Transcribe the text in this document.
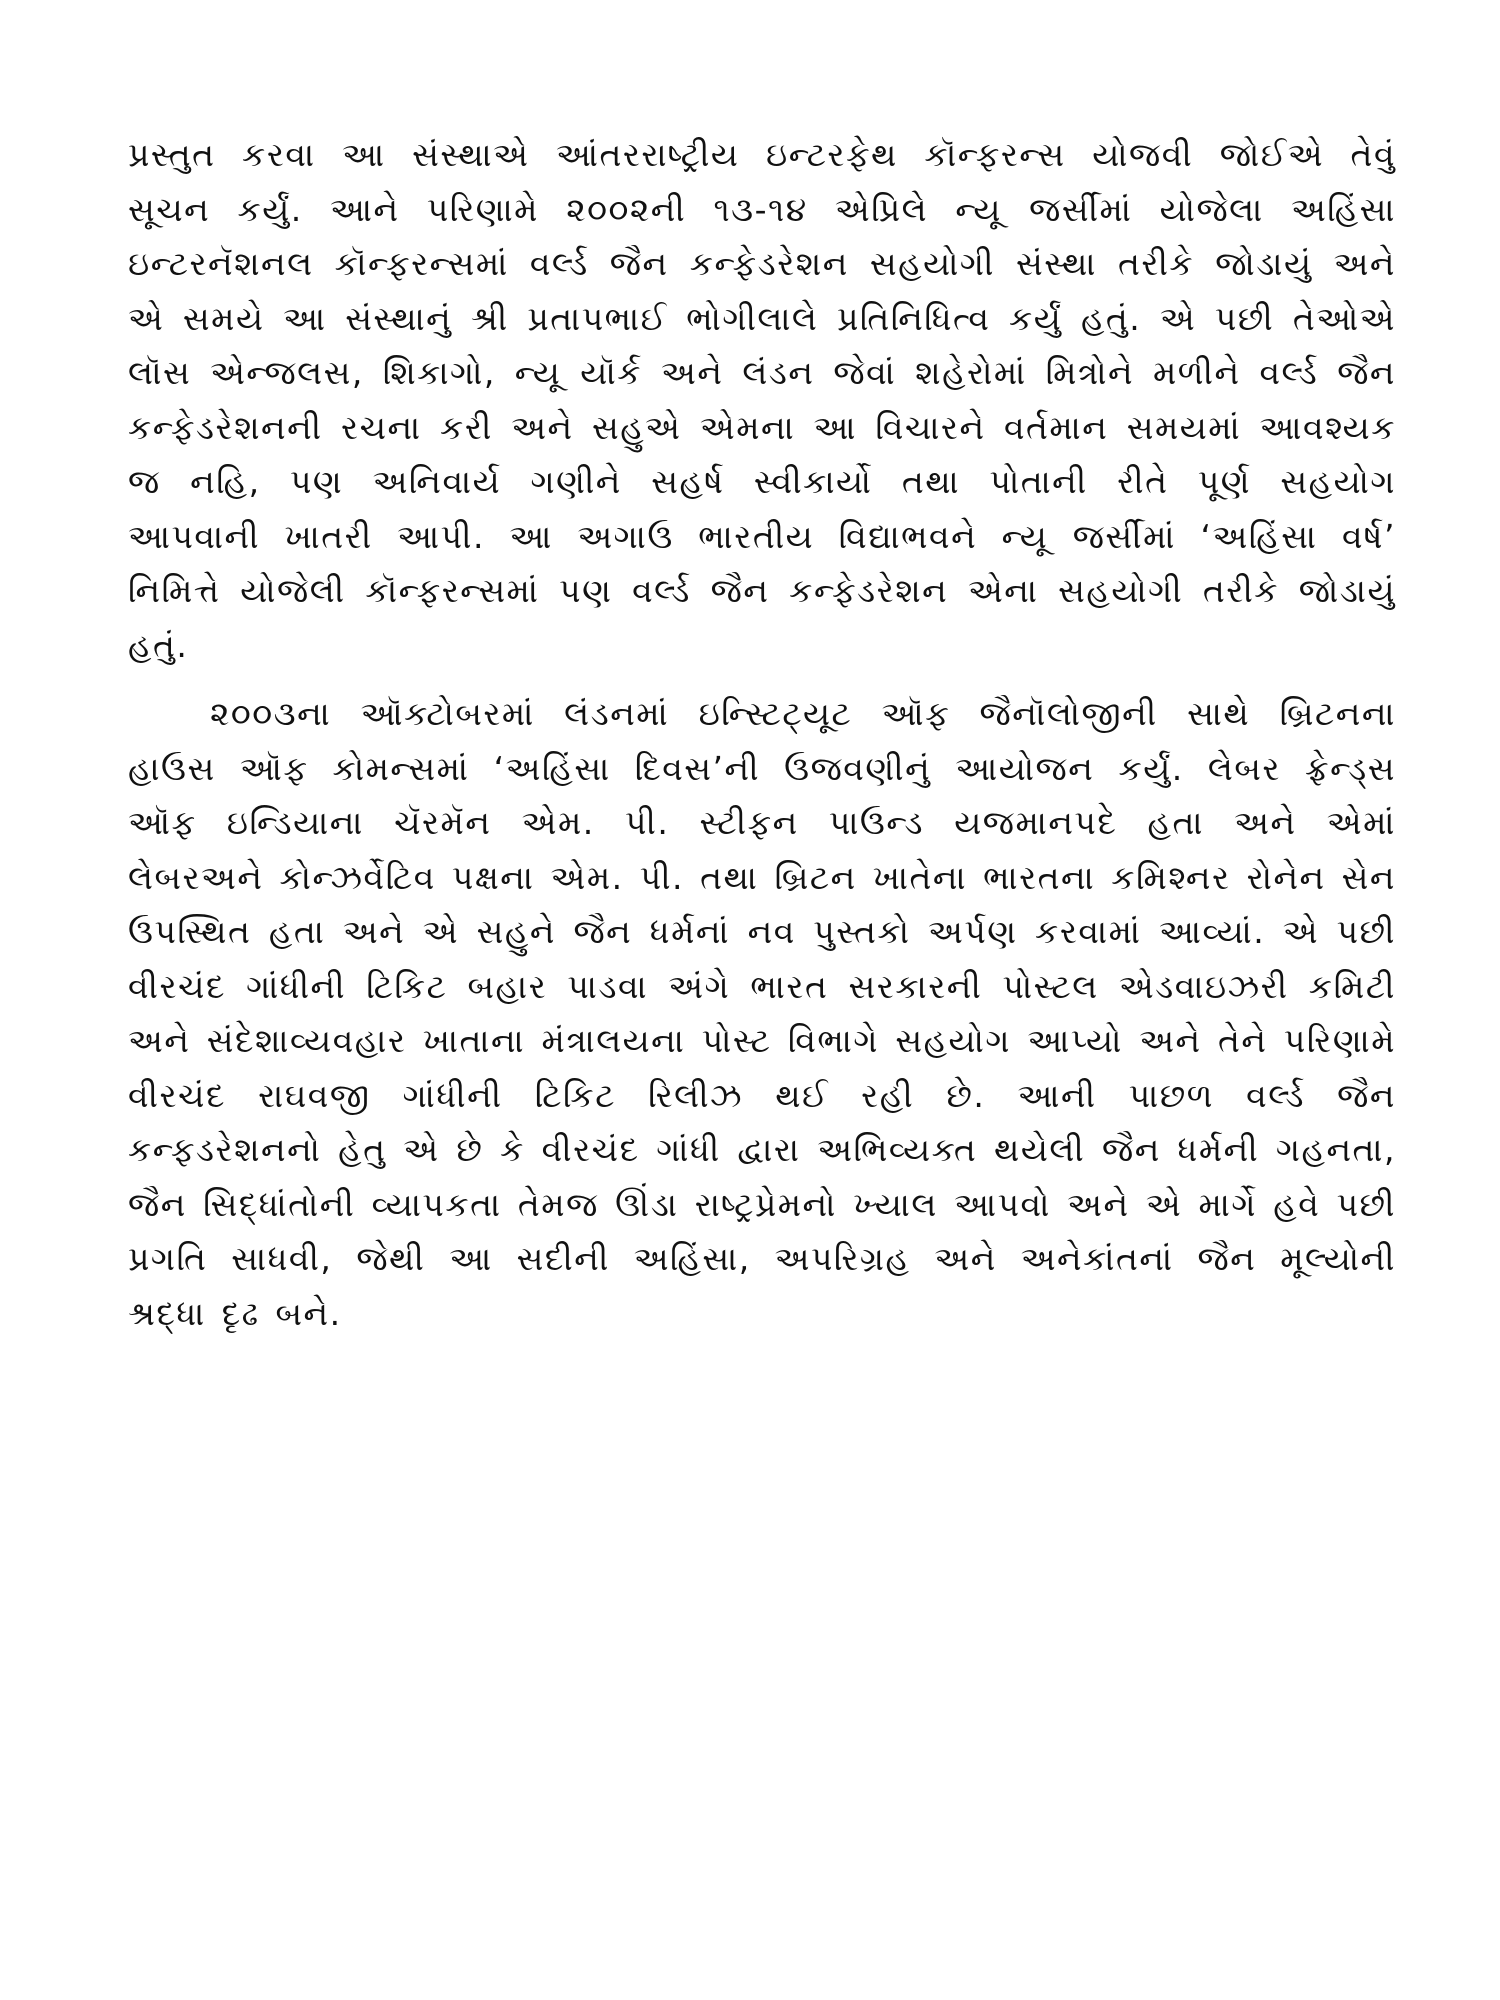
પ્રસ્તુત કરવા આ સંસ્થાએ આંતરરાષ્ટ્રીય ઇન્ટરફેથ કૉન્ફરન્સ યોજવી જોઈએ તેવું સૂચન કર્યું. આને પરિણામે ૨૦૦૨ની ૧૩-૧૪ એપ્રિલે ન્યૂ જર્સીમાં યોજેલા અહિંસા ઇન્ટરનૅશનલ કૉન્ફરન્સમાં વર્લ્ડ જૈન કન્ફેડરેશન સહયોગી સંસ્થા તરીકે જોડાયું અને એ સમયે આ સંસ્થાનું શ્રી પ્રતાપભાઈ ભોગીલાલે પ્રતિનિધિત્વ કર્યું હતું. એ પછી તેઓએ લૉસ એન્જલસ, શિકાગો, ન્યૂ યૉર્ક અને લંડન જેવાં શહેરોમાં મિત્રોને મળીને વર્લ્ડ જૈન કન્ફેડરેશનની રચના કરી અને સહુએ એમના આ વિચારને વર્તમાન સમયમાં આવશ્યક જ નહિ, પણ અનિવાર્ય ગણીને સહર્ષ સ્વીકાર્યો તથા પોતાની રીતે પૂર્ણ સહયોગ આપવાની ખાતરી આપી. આ અગાઉ ભારતીય વિદ્યાભવને ન્યૂ જર્સીમાં ‘અહિંસા વર્ષ’ નિમિત્તે યોજેલી કૉન્ફરન્સમાં પણ વર્લ્ડ જૈન કન્ફેડરેશન એના સહયોગી તરીકે જોડાયું હતું.

૨૦૦૩ના ઑક્ટોબરમાં લંડનમાં ઇન્સ્ટિટ્યૂટ ઑફ જૈનૉલોજીની સાથે બ્રિટનના હાઉસ ઑફ કોમન્સમાં ‘અહિંસા દિવસ’ની ઉજવણીનું આયોજન કર્યું. લેબર ફ્રેન્ડ્સ ઑફ ઇન્ડિયાના ચૅરમૅન એમ. પી. સ્ટીફન પાઉન્ડ યજમાનપદે હતા અને એમાં લેબરઅને કોન્ઝર્વેટિવ પક્ષના એમ. પી. તથા બ્રિટન ખાતેના ભારતના કમિશ્નર રોનેન સેન ઉપસ્થિત હતા અને એ સહુને જૈન ધર્મનાં નવ પુસ્તકો અર્પણ કરવામાં આવ્યાં. એ પછી વીરચંદ ગાંધીની ટિકિટ બહાર પાડવા અંગે ભારત સરકારની પોસ્ટલ એડવાઇઝરી કમિટી અને સંદેશાવ્યવહાર ખાતાના મંત્રાલયના પોસ્ટ વિભાગે સહયોગ આપ્યો અને તેને પરિણામે વીરચંદ રાઘવજી ગાંધીની ટિકિટ રિલીઝ થઈ રહી છે. આની પાછળ વર્લ્ડ જૈન કન્ફડરેશનનો હેતુ એ છે કે વીરચંદ ગાંધી દ્વારા અભિવ્યક્ત થયેલી જૈન ધર્મની ગહનતા, જૈન સિદ્ધાંતોની વ્યાપકતા તેમજ ઊંડા રાષ્ટ્રપ્રેમનો ખ્યાલ આપવો અને એ માર્ગે હવે પછી પ્રગતિ સાધવી, જેથી આ સદીની અહિંસા, અપરિગ્રહ અને અનેકાંતનાં જૈન મૂલ્યોની શ્રદ્ધા દૃઢ બને.
